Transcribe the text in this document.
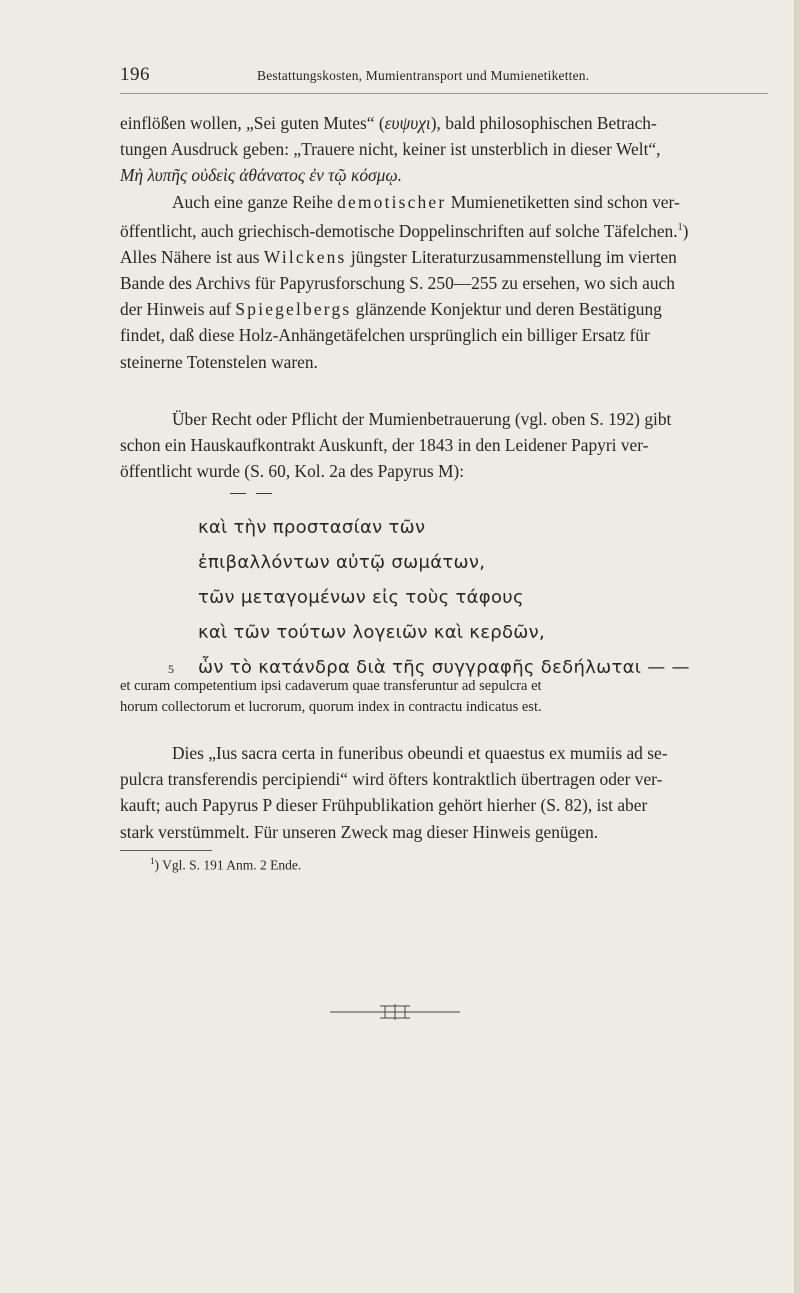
196	Bestattungskosten, Mumientransport und Mumienetiketten.

einflößen wollen, „Sei guten Mutes“ (ευψυχι), bald philosophischen Betrach-

tungen Ausdruck geben: „Trauere nicht, keiner ist unsterblich in dieser Welt“,

Μὴ λυπῆς οὐδεὶς ἀθάνατος ἐν τῷ κόσμῳ.

Auch eine ganze Reihe demotischer Mumienetiketten sind schon ver-

öffentlicht, auch griechisch-demotische Doppelinschriften auf solche Täfelchen.$^1$)

Alles Nähere ist aus Wilckens jüngster Literaturzusammenstellung im vierten

Bande des Archivs für Papyrusforschung S. 250—255 zu ersehen, wo sich auch

der Hinweis auf Spiegelbergs glänzende Konjektur und deren Bestätigung

findet, daß diese Holz-Anhängetäfelchen ursprünglich ein billiger Ersatz für

steinerne Totenstelen waren.

Über Recht oder Pflicht der Mumienbetrauerung (vgl. oben S. 192) gibt

schon ein Hauskaufkontrakt Auskunft, der 1843 in den Leidener Papyri ver-

öffentlicht wurde (S. 60, Kol. 2a des Papyrus M):

καὶ τὴν προστασίαν τῶν
ἐπιβαλλόντων αὐτῷ σωμάτων,
τῶν μεταγομένων εἰς τοὺς τάφους
καὶ τῶν τούτων λογειῶν καὶ κερδῶν,
5 ὧν τὸ κατάνδρα διὰ τῆς συγγραφῆς δεδήλωται — —
et curam competentium ipsi cadaverum quae transferuntur ad sepulcra et
horum collectorum et lucrorum, quorum index in contractu indicatus est.

Dies „Ius sacra certa in funeribus obeundi et quaestus ex mumiis ad se-

pulcra transferendis percipiendi“ wird öfters kontraktlich übertragen oder ver-

kauft; auch Papyrus P dieser Frühpublikation gehört hierher (S. 82), ist aber

stark verstümmelt. Für unseren Zweck mag dieser Hinweis genügen.

$^1$) Vgl. S. 191 Anm. 2 Ende.
